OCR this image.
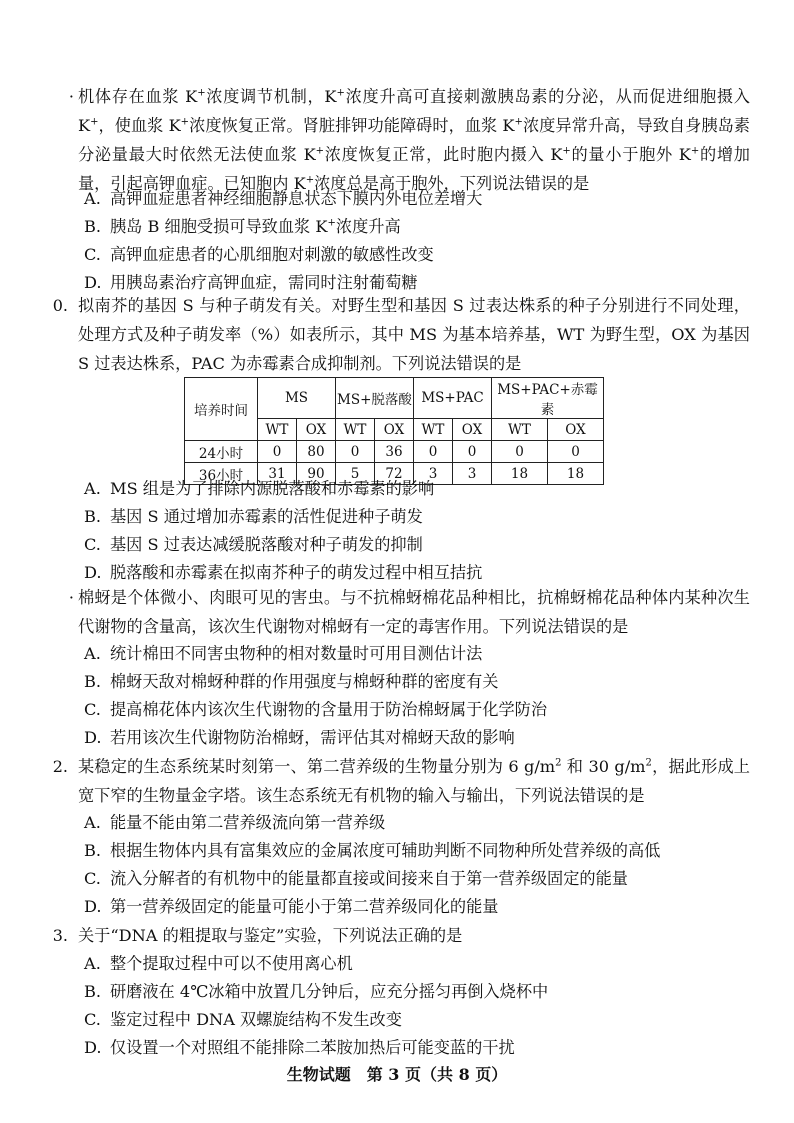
· 机体存在血浆 K+浓度调节机制，K+浓度升高可直接刺激胰岛素的分泌，从而促进细胞摄入 K+，使血浆 K+浓度恢复正常。肾脏排钾功能障碍时，血浆 K+浓度异常升高，导致自身胰岛素分泌量最大时依然无法使血浆 K+浓度恢复正常，此时胞内摄入 K+的量小于胞外 K+的增加量，引起高钾血症。已知胞内 K+浓度总是高于胞外，下列说法错误的是
A. 高钾血症患者神经细胞静息状态下膜内外电位差增大
B. 胰岛 B 细胞受损可导致血浆 K+浓度升高
C. 高钾血症患者的心肌细胞对刺激的敏感性改变
D. 用胰岛素治疗高钾血症，需同时注射葡萄糖
0. 拟南芥的基因 S 与种子萌发有关。对野生型和基因 S 过表达株系的种子分别进行不同处理，处理方式及种子萌发率（%）如表所示，其中 MS 为基本培养基，WT 为野生型，OX 为基因 S 过表达株系，PAC 为赤霉素合成抑制剂。下列说法错误的是
培养时间	MS		MS+脱落酸		MS+PAC		MS+PAC+赤霉素	
	WT	OX	WT	OX	WT	OX	WT	OX
24小时	0	80	0	36	0	0	0	0
36小时	31	90	5	72	3	3	18	18
A. MS 组是为了排除内源脱落酸和赤霉素的影响
B. 基因 S 通过增加赤霉素的活性促进种子萌发
C. 基因 S 过表达减缓脱落酸对种子萌发的抑制
D. 脱落酸和赤霉素在拟南芥种子的萌发过程中相互拮抗
· 棉蚜是个体微小、肉眼可见的害虫。与不抗棉蚜棉花品种相比，抗棉蚜棉花品种体内某种次生代谢物的含量高，该次生代谢物对棉蚜有一定的毒害作用。下列说法错误的是
A. 统计棉田不同害虫物种的相对数量时可用目测估计法
B. 棉蚜天敌对棉蚜种群的作用强度与棉蚜种群的密度有关
C. 提高棉花体内该次生代谢物的含量用于防治棉蚜属于化学防治
D. 若用该次生代谢物防治棉蚜，需评估其对棉蚜天敌的影响
2. 某稳定的生态系统某时刻第一、第二营养级的生物量分别为 6 $g/m^2$ 和 30 $g/m^2$，据此形成上宽下窄的生物量金字塔。该生态系统无有机物的输入与输出，下列说法错误的是
A. 能量不能由第二营养级流向第一营养级
B. 根据生物体内具有富集效应的金属浓度可辅助判断不同物种所处营养级的高低
C. 流入分解者的有机物中的能量都直接或间接来自于第一营养级固定的能量
D. 第一营养级固定的能量可能小于第二营养级同化的能量
3. 关于“DNA 的粗提取与鉴定”实验，下列说法正确的是
A. 整个提取过程中可以不使用离心机
B. 研磨液在 4℃冰箱中放置几分钟后，应充分摇匀再倒入烧杯中
C. 鉴定过程中 DNA 双螺旋结构不发生改变
D. 仅设置一个对照组不能排除二苯胺加热后可能变蓝的干扰
生物试题　第 3 页（共 8 页）
